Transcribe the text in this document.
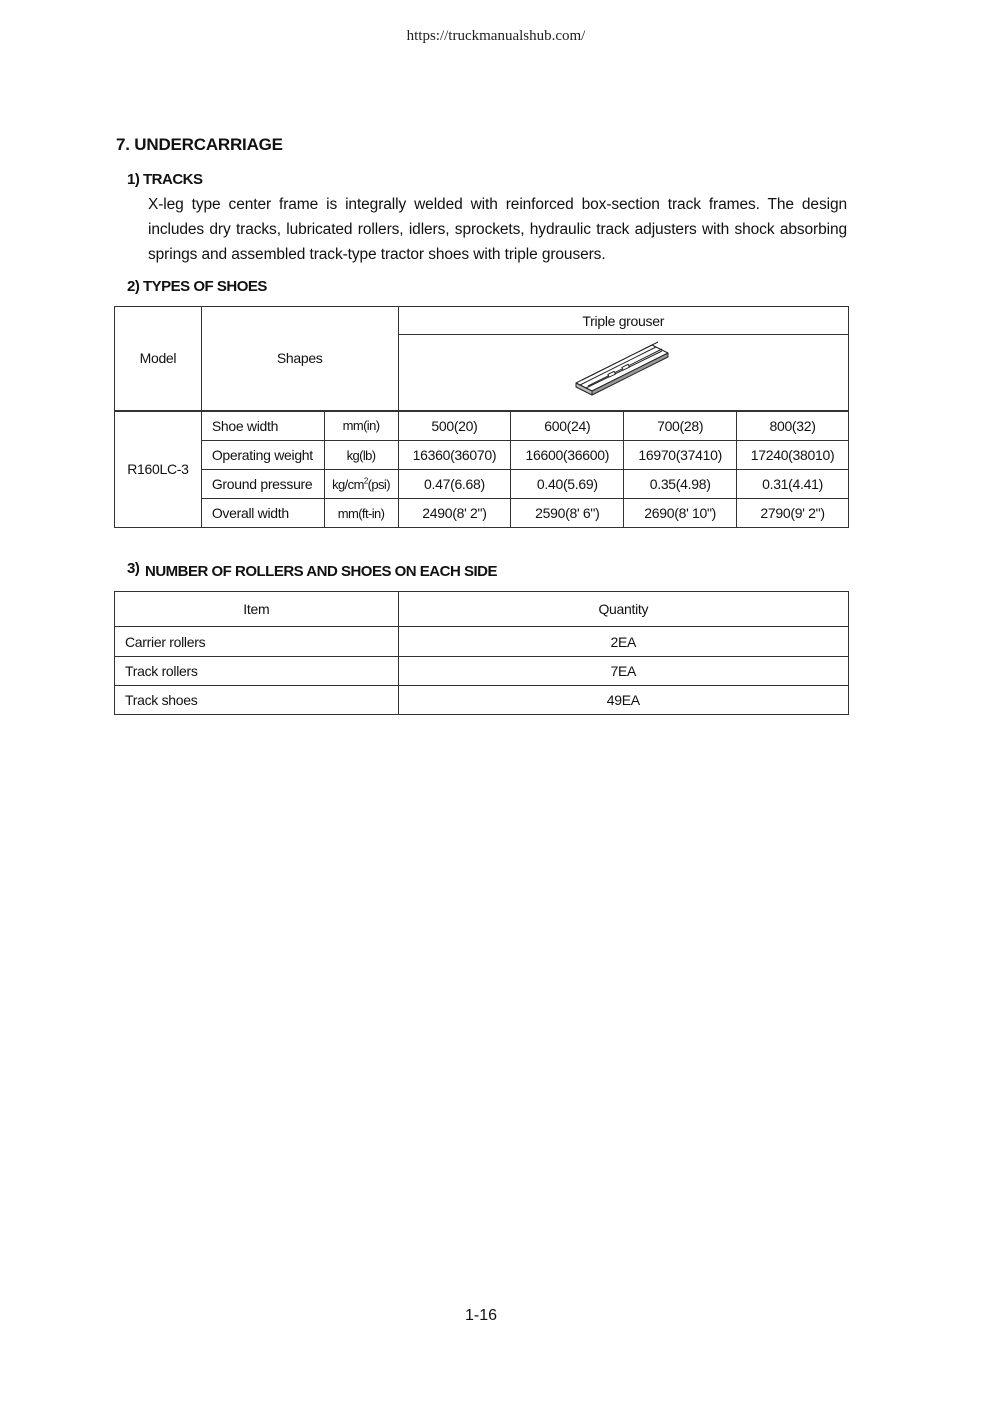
https://truckmanualshub.com/
7. UNDERCARRIAGE
1) TRACKS
X-leg type center frame is integrally welded with reinforced box-section track frames. The design includes dry tracks, lubricated rollers, idlers, sprockets, hydraulic track adjusters with shock absorbing springs and assembled track-type tractor shoes with triple grousers.
2) TYPES OF SHOES
Model	Shapes		Triple grouser			

R160LC-3	Shoe width	mm(in)	500(20)	600(24)	700(28)	800(32)
	Operating weight	kg(lb)	16360(36070)	16600(36600)	16970(37410)	17240(38010)
	Ground pressure	$kg/cm^2(psi)$	0.47(6.68)	0.40(5.69)	0.35(4.98)	0.31(4.41)
	Overall width	mm(ft-in)	2490(8' 2")	2590(8' 6")	2690(8' 10")	2790(9' 2")
3) NUMBER OF ROLLERS AND SHOES ON EACH SIDE
Item	Quantity
Carrier rollers	2EA
Track rollers	7EA
Track shoes	49EA
1-16
